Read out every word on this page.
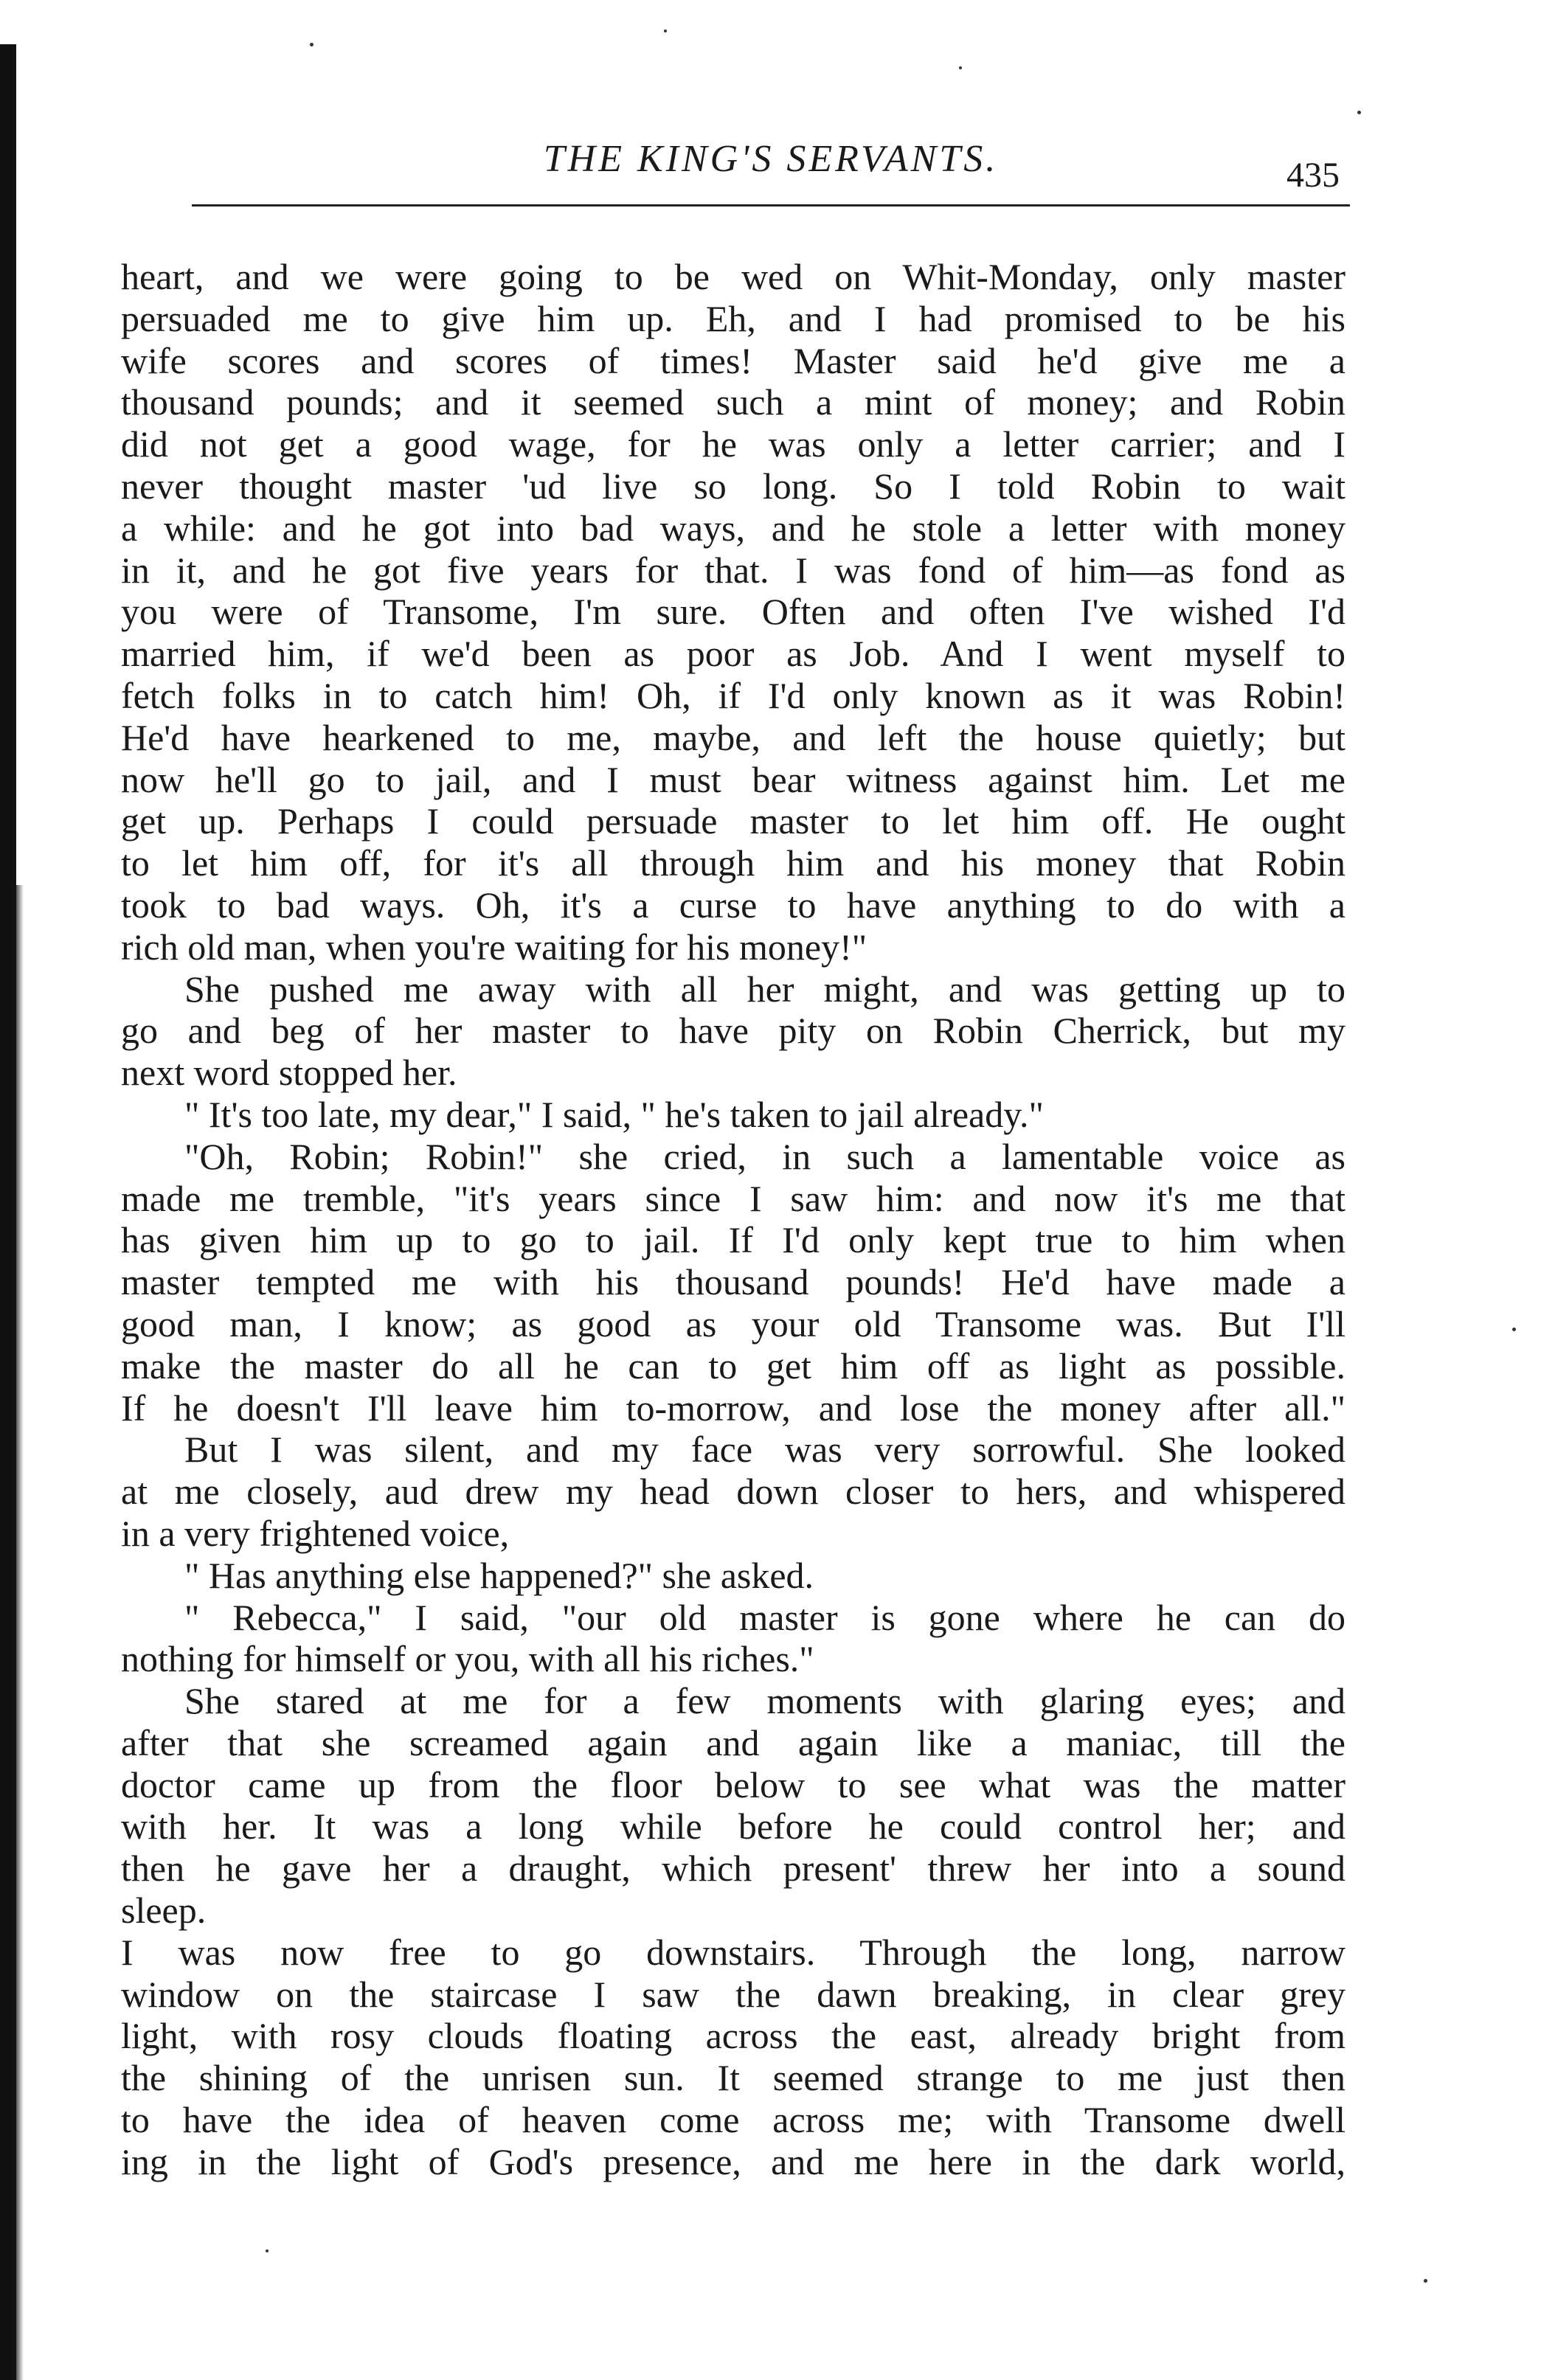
THE KING'S SERVANTS.	435
heart, and we were going to be wed on Whit-Monday, only master
persuaded me to give him up. Eh, and I had promised to be his
wife scores and scores of times! Master said he'd give me a
thousand pounds; and it seemed such a mint of money; and Robin
did not get a good wage, for he was only a letter carrier; and I
never thought master 'ud live so long. So I told Robin to wait
a while: and he got into bad ways, and he stole a letter with money
in it, and he got five years for that. I was fond of him—as fond as
you were of Transome, I'm sure. Often and often I've wished I'd
married him, if we'd been as poor as Job. And I went myself to
fetch folks in to catch him! Oh, if I'd only known as it was Robin!
He'd have hearkened to me, maybe, and left the house quietly; but
now he'll go to jail, and I must bear witness against him. Let me
get up. Perhaps I could persuade master to let him off. He ought
to let him off, for it's all through him and his money that Robin
took to bad ways. Oh, it's a curse to have anything to do with a
rich old man, when you're waiting for his money!"
She pushed me away with all her might, and was getting up to
go and beg of her master to have pity on Robin Cherrick, but my
next word stopped her.
" It's too late, my dear," I said, " he's taken to jail already."
"Oh, Robin; Robin!" she cried, in such a lamentable voice as
made me tremble, "it's years since I saw him: and now it's me that
has given him up to go to jail. If I'd only kept true to him when
master tempted me with his thousand pounds! He'd have made a
good man, I know; as good as your old Transome was. But I'll
make the master do all he can to get him off as light as possible.
If he doesn't I'll leave him to-morrow, and lose the money after all."
But I was silent, and my face was very sorrowful. She looked
at me closely, aud drew my head down closer to hers, and whispered
in a very frightened voice,
" Has anything else happened?" she asked.
" Rebecca," I said, "our old master is gone where he can do
nothing for himself or you, with all his riches."
She stared at me for a few moments with glaring eyes; and
after that she screamed again and again like a maniac, till the
doctor came up from the floor below to see what was the matter
with her. It was a long while before he could control her; and
then he gave her a draught, which present' threw her into a sound
sleep.
I was now free to go downstairs. Through the long, narrow
window on the staircase I saw the dawn breaking, in clear grey
light, with rosy clouds floating across the east, already bright from
the shining of the unrisen sun. It seemed strange to me just then
to have the idea of heaven come across me; with Transome dwell
ing in the light of God's presence, and me here in the dark world,
